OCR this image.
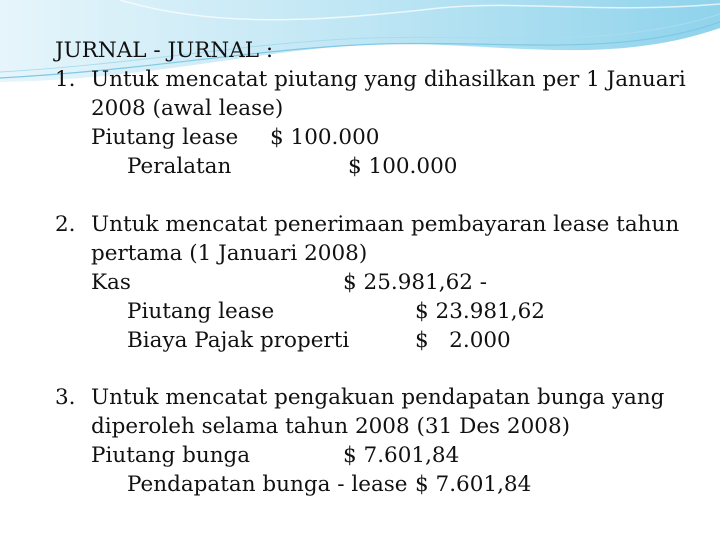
JURNAL - JURNAL :
1. Untuk mencatat piutang yang dihasilkan per 1 Januari
2008 (awal lease)
Piutang lease $ 100.000
Peralatan	$ 100.000
2. Untuk mencatat penerimaan pembayaran lease tahun
pertama (1 Januari 2008)
Kas	$ 25.981,62 -
Piutang lease	$ 23.981,62
Biaya Pajak properti	$   2.000
3. Untuk mencatat pengakuan pendapatan bunga yang
diperoleh selama tahun 2008 (31 Des 2008)
Piutang bunga	$ 7.601,84
Pendapatan bunga - lease $ 7.601,84
